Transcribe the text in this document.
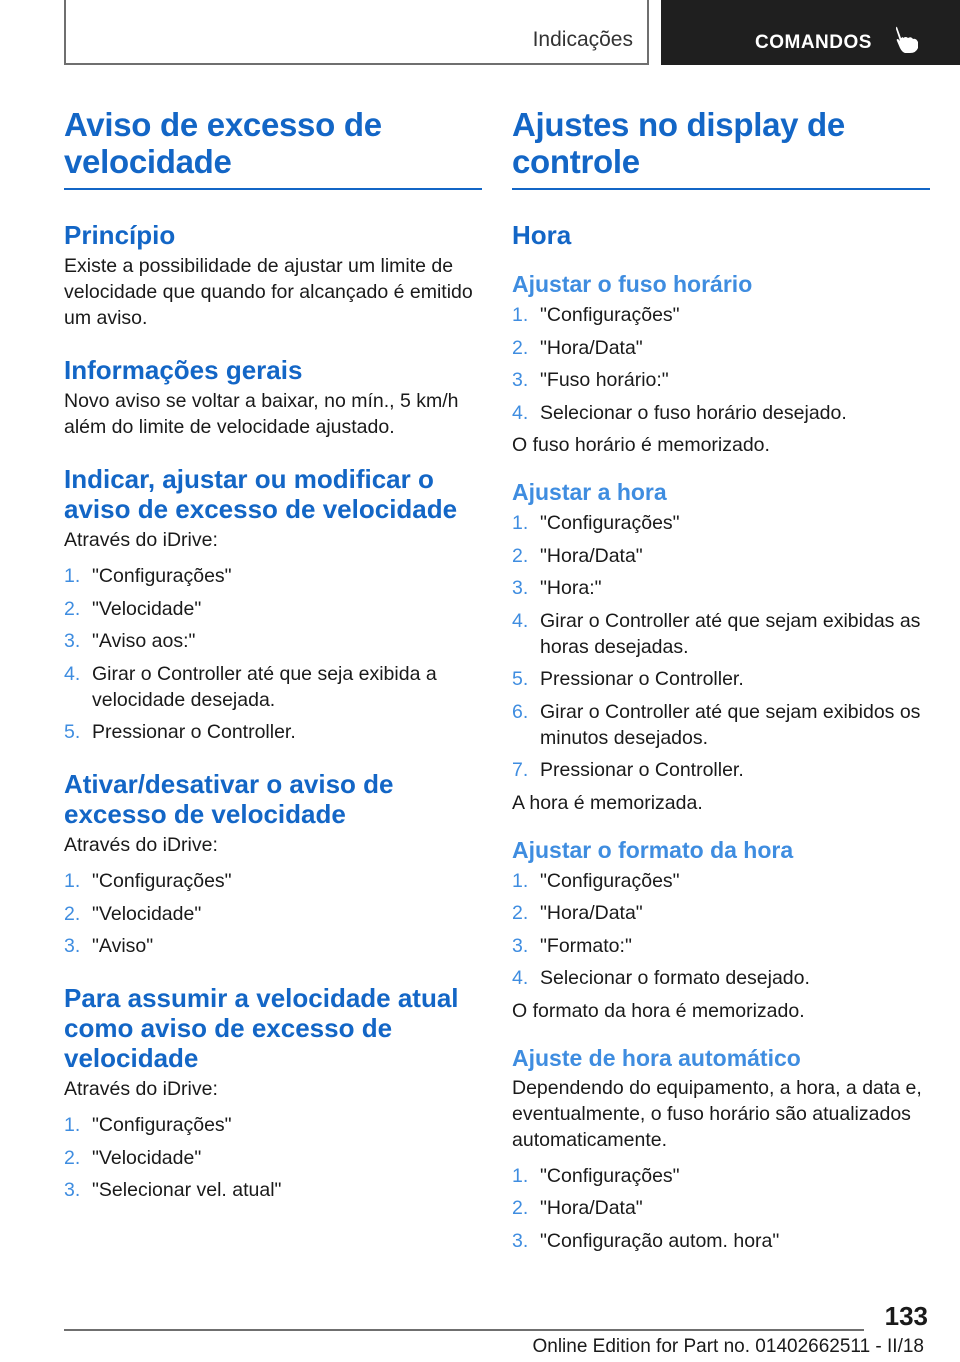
Indicações	COMANDOS
Aviso de excesso de velocidade
Princípio

Existe a possibilidade de ajustar um limite de velocidade que quando for alcançado é emitido um aviso.

Informações gerais

Novo aviso se voltar a baixar, no mín., 5 km/h além do limite de velocidade ajustado.

Indicar, ajustar ou modificar o aviso de excesso de velocidade

Através do iDrive:

1. "Configurações"
2. "Velocidade"
3. "Aviso aos:"
4. Girar o Controller até que seja exibida a velocidade desejada.
5. Pressionar o Controller.
Ativar/desativar o aviso de excesso de velocidade

Através do iDrive:

1. "Configurações"
2. "Velocidade"
3. "Aviso"
Para assumir a velocidade atual como aviso de excesso de velocidade

Através do iDrive:

1. "Configurações"
2. "Velocidade"
3. "Selecionar vel. atual"
Ajustes no display de controle
Hora
Ajustar o fuso horário
1. "Configurações"
2. "Hora/Data"
3. "Fuso horário:"
4. Selecionar o fuso horário desejado.

O fuso horário é memorizado.

Ajustar a hora
1. "Configurações"
2. "Hora/Data"
3. "Hora:"
4. Girar o Controller até que sejam exibidas as horas desejadas.
5. Pressionar o Controller.
6. Girar o Controller até que sejam exibidos os minutos desejados.
7. Pressionar o Controller.

A hora é memorizada.

Ajustar o formato da hora
1. "Configurações"
2. "Hora/Data"
3. "Formato:"
4. Selecionar o formato desejado.

O formato da hora é memorizado.

Ajuste de hora automático

Dependendo do equipamento, a hora, a data e, eventualmente, o fuso horário são atualizados automaticamente.

1. "Configurações"
2. "Hora/Data"
3. "Configuração autom. hora"
133
Online Edition for Part no. 01402662511 - II/18
